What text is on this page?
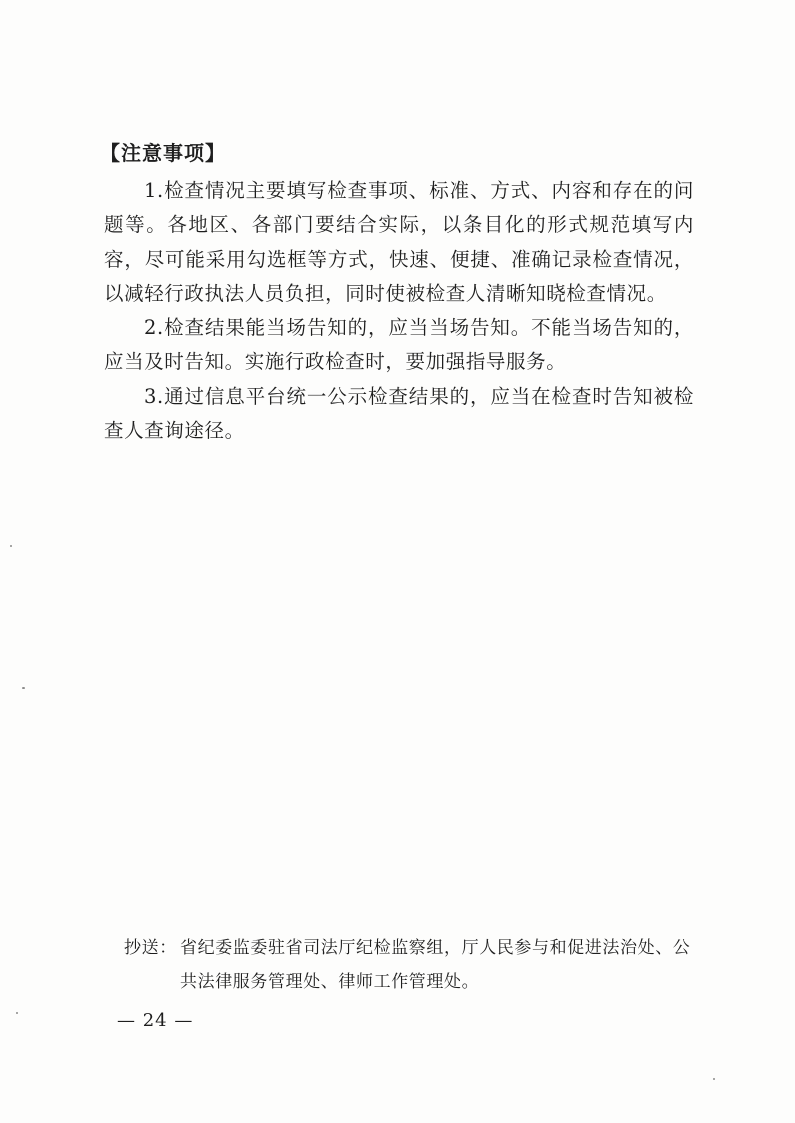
【注意事项】

1.检查情况主要填写检查事项、标准、方式、内容和存在的问题等。各地区、各部门要结合实际，以条目化的形式规范填写内容，尽可能采用勾选框等方式，快速、便捷、准确记录检查情况，以减轻行政执法人员负担，同时使被检查人清晰知晓检查情况。

2.检查结果能当场告知的，应当当场告知。不能当场告知的，应当及时告知。实施行政检查时，要加强指导服务。

3.通过信息平台统一公示检查结果的，应当在检查时告知被检查人查询途径。

抄送： 省纪委监委驻省司法厅纪检监察组，厅人民参与和促进法治处、公共法律服务管理处、律师工作管理处。
— 24 —
